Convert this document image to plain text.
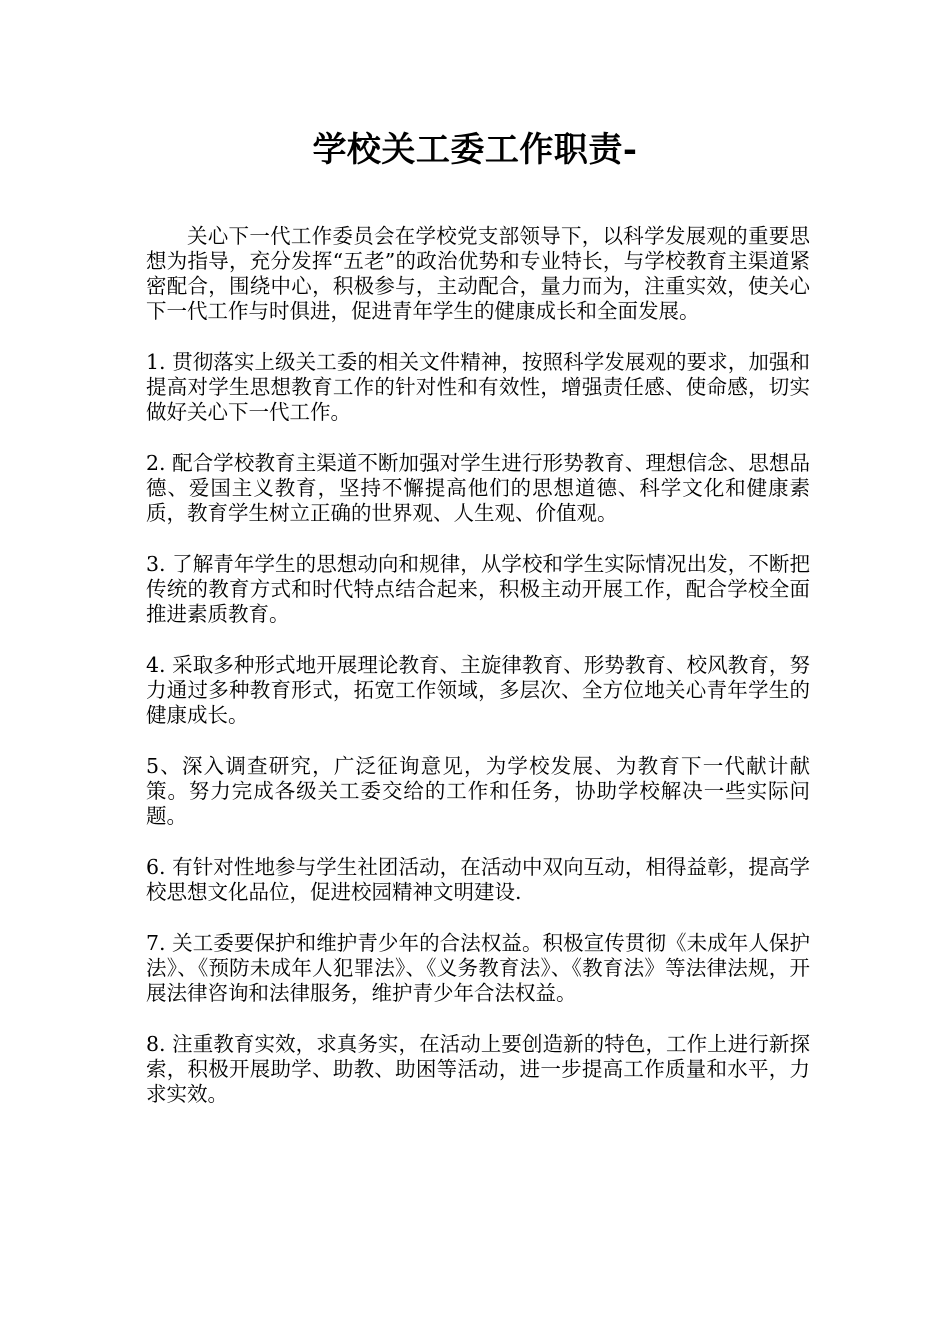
学校关工委工作职责-

关心下一代工作委员会在学校党支部领导下，以科学发展观的重要思想为指导，充分发挥“五老”的政治优势和专业特长，与学校教育主渠道紧密配合，围绕中心，积极参与，主动配合，量力而为，注重实效，使关心下一代工作与时俱进，促进青年学生的健康成长和全面发展。

1. 贯彻落实上级关工委的相关文件精神，按照科学发展观的要求，加强和提高对学生思想教育工作的针对性和有效性，增强责任感、使命感，切实做好关心下一代工作。

2. 配合学校教育主渠道不断加强对学生进行形势教育、理想信念、思想品德、爱国主义教育，坚持不懈提高他们的思想道德、科学文化和健康素质，教育学生树立正确的世界观、人生观、价值观。

3. 了解青年学生的思想动向和规律，从学校和学生实际情况出发，不断把传统的教育方式和时代特点结合起来，积极主动开展工作，配合学校全面推进素质教育。

4. 采取多种形式地开展理论教育、主旋律教育、形势教育、校风教育，努力通过多种教育形式，拓宽工作领域，多层次、全方位地关心青年学生的健康成长。

5、深入调查研究，广泛征询意见，为学校发展、为教育下一代献计献策。努力完成各级关工委交给的工作和任务，协助学校解决一些实际问题。

6. 有针对性地参与学生社团活动，在活动中双向互动，相得益彰，提高学校思想文化品位，促进校园精神文明建设.

7. 关工委要保护和维护青少年的合法权益。积极宣传贯彻《未成年人保护法》、《预防未成年人犯罪法》、《义务教育法》、《教育法》等法律法规，开展法律咨询和法律服务，维护青少年合法权益。

8. 注重教育实效，求真务实，在活动上要创造新的特色，工作上进行新探索，积极开展助学、助教、助困等活动，进一步提高工作质量和水平，力求实效。
